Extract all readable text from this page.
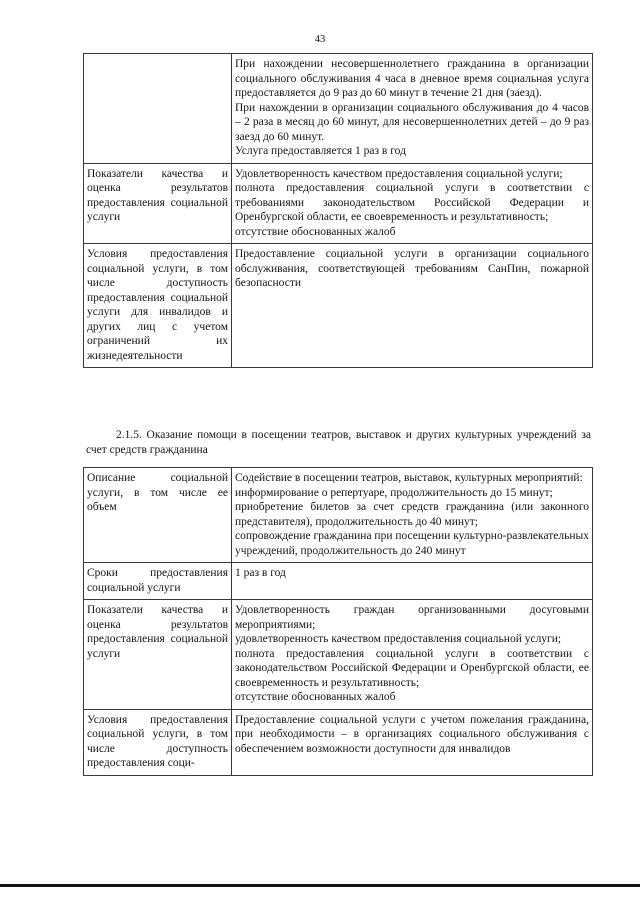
43

	При нахождении несовершеннолетнего гражданина в организации социального обслуживания 4 часа в дневное время социальная услуга предоставляется до 9 раз до 60 минут в течение 21 дня (заезд).
При нахождении в организации социального обслуживания до 4 часов – 2 раза в месяц до 60 минут, для несовершеннолетних детей – до 9 раз заезд до 60 минут.
Услуга предоставляется 1 раз в год

Показатели качества и оценка результатов предоставления социальной услуги	Удовлетворенность качеством предоставления социальной услуги;
полнота предоставления социальной услуги в соответствии с требованиями законодательством Российской Федерации и Оренбургской области, ее своевременность и результативность;
отсутствие обоснованных жалоб

Условия предоставления социальной услуги, в том числе доступность предоставления социальной услуги для инвалидов и других лиц с учетом ограничений их жизнедеятельности	Предоставление социальной услуги в организации социального обслуживания, соответствующей требованиям СанПин, пожарной безопасности
2.1.5. Оказание помощи в посещении театров, выставок и других культурных учреждений за счет средств гражданина
Описание социальной услуги, в том числе ее объем	Содействие в посещении театров, выставок, культурных мероприятий:
информирование о репертуаре, продолжительность до 15 минут;
приобретение билетов за счет средств гражданина (или законного представителя), продолжительность до 40 минут;
сопровождение гражданина при посещении культурно-развлекательных учреждений, продолжительность до 240 минут

Сроки предоставления социальной услуги	1 раз в год

Показатели качества и оценка результатов предоставления социальной услуги	Удовлетворенность граждан организованными досуговыми мероприятиями;
удовлетворенность качеством предоставления социальной услуги;
полнота предоставления социальной услуги в соответствии с законодательством Российской Федерации и Оренбургской области, ее своевременность и результативность;
отсутствие обоснованных жалоб

Условия предоставления социальной услуги, в том числе доступность предоставления соци-	Предоставление социальной услуги с учетом пожелания гражданина, при необходимости – в организациях социального обслуживания с обеспечением возможности доступности для инвалидов
